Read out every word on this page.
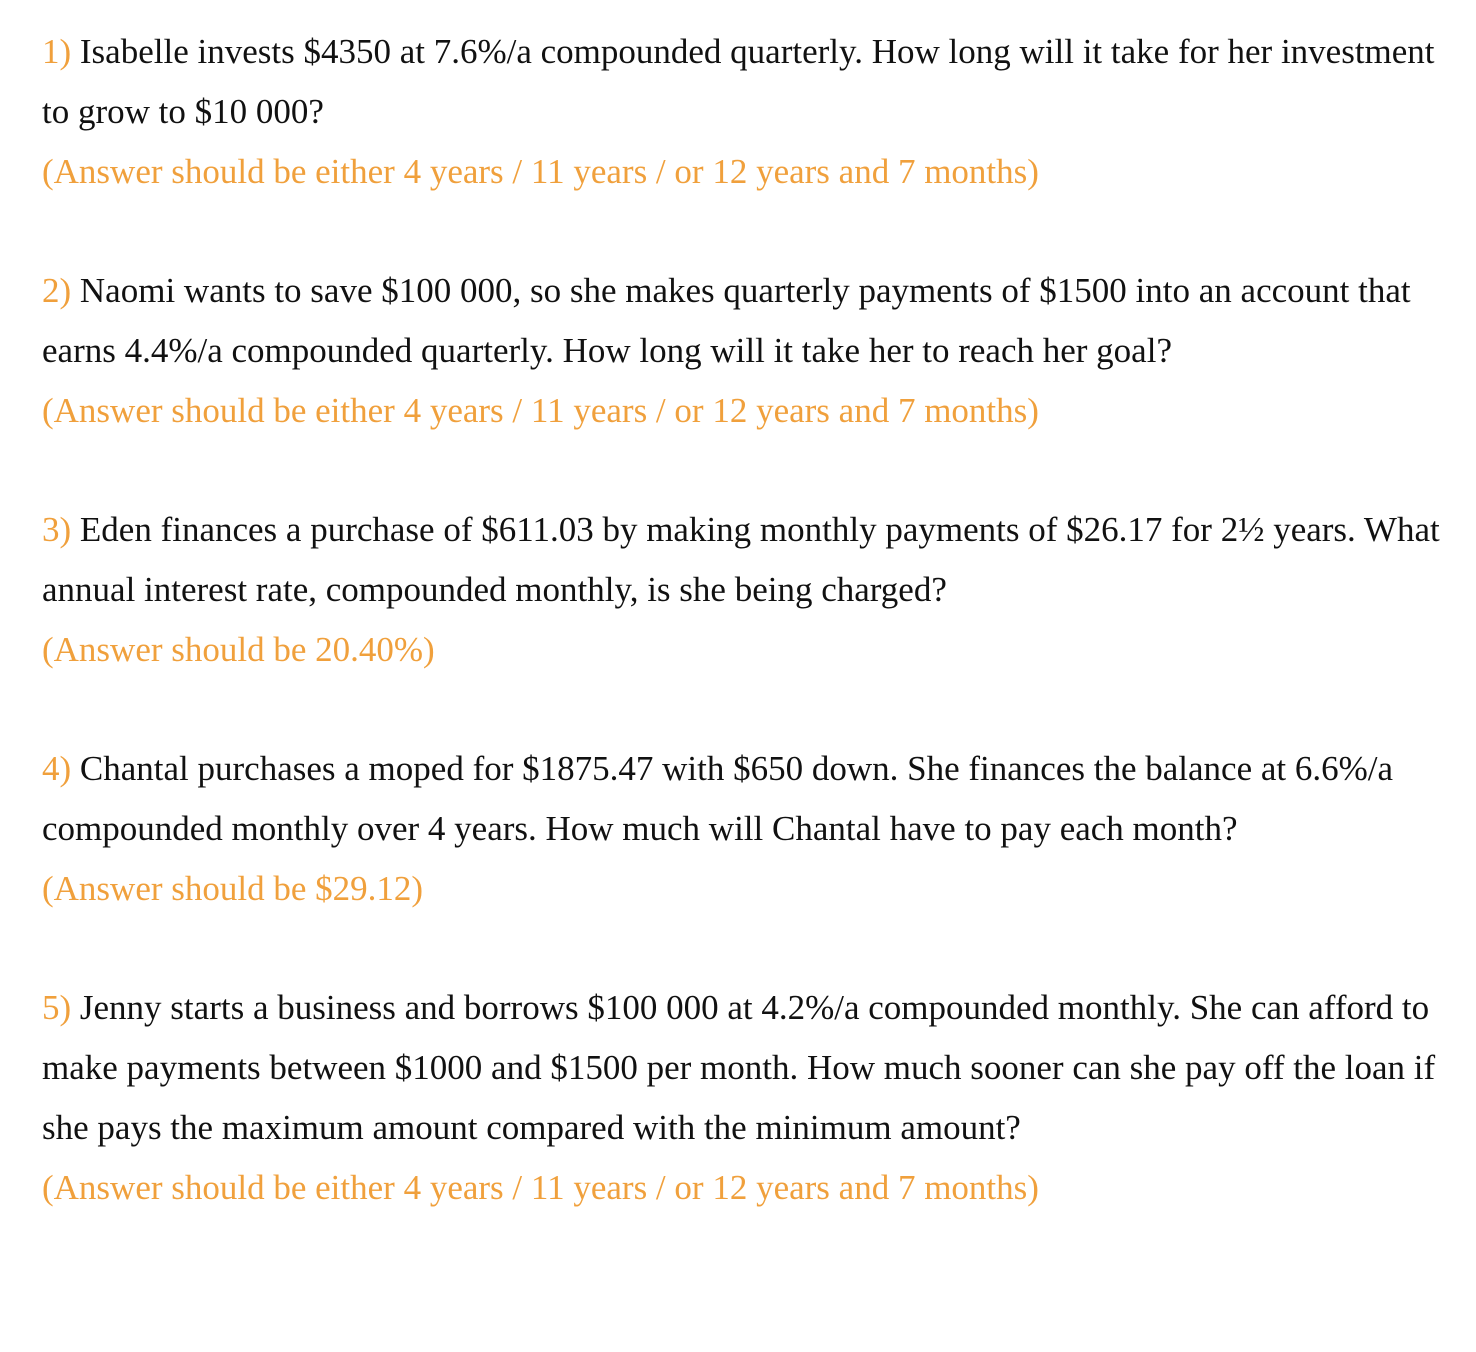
1) Isabelle invests $4350 at 7.6%/a compounded quarterly. How long will it take for her investment to grow to $10 000?

(Answer should be either 4 years / 11 years / or 12 years and 7 months)

2) Naomi wants to save $100 000, so she makes quarterly payments of $1500 into an account that earns 4.4%/a compounded quarterly. How long will it take her to reach her goal?

(Answer should be either 4 years / 11 years / or 12 years and 7 months)

3) Eden finances a purchase of $611.03 by making monthly payments of $26.17 for 2½ years. What annual interest rate, compounded monthly, is she being charged?

(Answer should be 20.40%)

4) Chantal purchases a moped for $1875.47 with $650 down. She finances the balance at 6.6%/a compounded monthly over 4 years. How much will Chantal have to pay each month?

(Answer should be $29.12)

5) Jenny starts a business and borrows $100 000 at 4.2%/a compounded monthly. She can afford to make payments between $1000 and $1500 per month. How much sooner can she pay off the loan if she pays the maximum amount compared with the minimum amount?

(Answer should be either 4 years / 11 years / or 12 years and 7 months)
